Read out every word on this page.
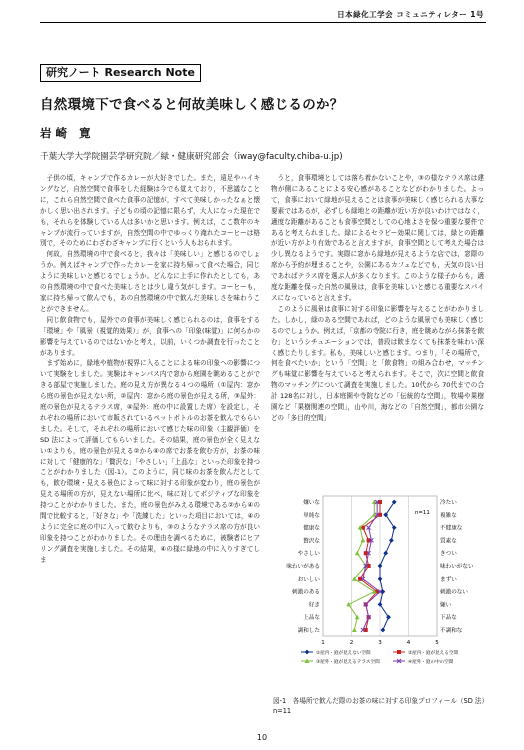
日本緑化工学会 コミュニティレター 1号
研究ノート Research Note
自然環境下で食べると何故美味しく感じるのか？
岩崎 寛
千葉大学大学院園芸学研究院／緑・健康研究部会（iway@faculty.chiba-u.jp)

子供の頃，キャンプで作るカレーが大好きでした。また，遠足やハイキングなど，自然空間で食事をした経験は今でも覚えており，不思議なことに，これら自然空間で食べた食事の記憶が，すべて美味しかったなぁと懐かしく思い出されます。子どもの頃の記憶に限らず，大人になった現在でも，それらを体験している人は多いかと思います。例えば，ここ数年のキャンプが流行っていますが，自然空間の中でゆっくり淹れたコーヒーは格別で，そのためにわざわざキャンプに行くという人もおられます。

何故，自然環境の中で食べると，我々は「美味しい」と感じるのでしょうか。例えばキャンプで作ったカレーを家に持ち帰って食べた場合，同じように美味しいと感じるでしょうか。どんなに上手に作れたとしても，あの自然環境の中で食べた美味しさとは少し違う気がします。コーヒーも，家に持ち帰って飲んでも，あの自然環境の中で飲んだ美味しさを味わうことができません。

同じ飲食物でも，屋外での食事が美味しく感じられるのは，食事をする「環境」や「風景（視覚的効果）」が，食事への「印象(味覚)」に何らかの影響を与えているのではないかと考え，以前，いくつか調査を行ったことがあります。

まず始めに，緑地や植物が視界に入ることによる味の印象への影響について実験をしました。実験はキャンパス内で窓から庭園を眺めることができる部屋で実施しました。庭の見え方が異なる４つの場所（①屋内：窓から庭の景色が見えない所，②屋内：窓から庭の景色が見える所，③屋外：庭の景色が見えるテラス席，④屋外：庭の中に設置した席）を設定し，それぞれの場所において市販されているペットボトルのお茶を飲んでもらいました。そして，それぞれの場所において感じた味の印象（主観評価）を SD 法によって評価してもらいました。その結果，庭の景色が全く見えない①よりも，庭の景色が見える②から④の席でお茶を飲む方が，お茶の味に対して「健康的な」「贅沢な」「やさしい」「上品な」といった印象を持つことがわかりました（図-1）。このように，同じ味のお茶を飲んだとしても，飲む環境・見える景色によって味に対する印象が変わり，庭の景色が見える場所の方が，見えない場所に比べ，味に対してポジティブな印象を持つことがわかりました。また，庭の景色がみえる環境である②から④の間で比較すると，「好きな」や「洗練した」といった項目においては，④のように完全に庭の中に入って飲むよりも，③のようなテラス席の方が良い印象を持つことがわかりました。その理由を調べるために，被験者にヒアリング調査を実施しました。その結果，④の様に緑地の中に入りすぎてしま

うと，食事環境としては落ち着かないことや，③の様なテラス席は建物が側にあることによる安心感があることなどがわかりました。よって，食事において緑地が見えることは食事が美味しく感じられる大事な要素ではあるが，必ずしも緑地との距離が近い方が良いわけではなく，適度な距離があることも食事空間としての心地よさを保つ重要な要件であると考えられました。緑によるセラピー効果に関しては，緑との距離が近い方がより有効であると言えますが，食事空間として考えた場合は少し異なるようです。実際に窓から緑地が見えるような店では，窓際の席から予約が埋まることや，公園にあるカフェなどでも，天気の良い日であればテラス席を選ぶ人が多くなります。このような様子からも，適度な距離を保った自然の風景は，食事を美味しいと感じる重要なスパイスになっていると言えます。

このように風景は食事に対する印象に影響を与えることがわかりました。しかし，緑のある空間であれば，どのような風景でも美味しく感じるのでしょうか。例えば，「京都の寺院に行き，庭を眺めながら抹茶を飲む」というシチュエーションでは，普段は飲まなくても抹茶を味わい深く感じたりします。私も，美味しいと感じます。つまり，「その場所で，何を食べたいか」という「空間」と「飲食物」の組み合わせ，マッチングも味覚に影響を与えていると考えられます。そこで，次に空間と飲食物のマッチングについて調査を実施しました。10代から 70代までの合計 128名に対し，日本庭園や寺院などの「伝統的な空間」，牧場や果樹園など「果樹関連の空間」，山や川，海などの「自然空間」，都市公園などの「多目的空間」

1	2	3	4	5
嫌いな
単純な
健康な
贅沢な
やさしい
味わいがある
おいしい
刺激のある
好き
上品な
調和した
冷たい
複雑な
不健康な
質素な
きつい
味わいがない
まずい
刺激のない
嫌い
下品な
不調和な
n=11
①屋内・庭が見えない空間	②屋内・庭が見える空間
③屋外・庭が見えるテラス空間	④屋外・庭の中の空間
図-1　各場所で飲んだ際のお茶の味に対する印象プロフィール（SD 法）　n=11
10
